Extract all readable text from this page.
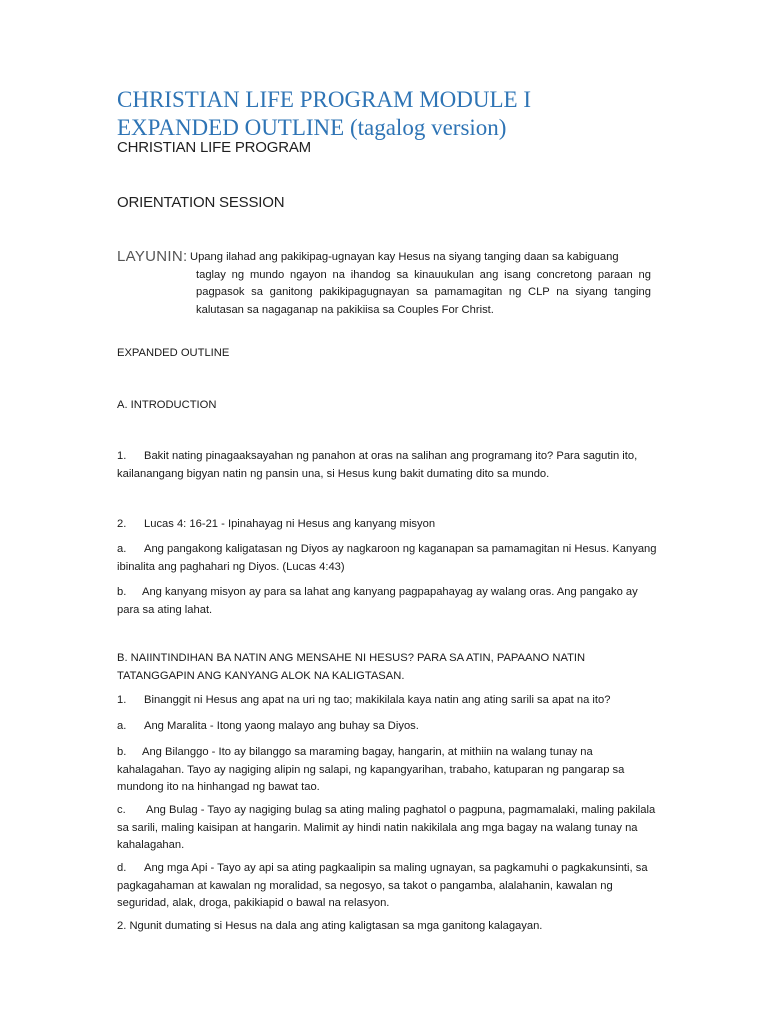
CHRISTIAN LIFE PROGRAM MODULE I
EXPANDED OUTLINE (tagalog version)
CHRISTIAN LIFE PROGRAM
ORIENTATION SESSION
LAYUNIN: Upang ilahad ang pakikipag-ugnayan kay Hesus na siyang tanging daan sa kabiguang
taglay ng mundo ngayon na ihandog sa kinauukulan ang isang concretong paraan ng pagpasok sa ganitong pakikipagugnayan sa pamamagitan ng CLP na siyang tanging kalutasan sa nagaganap na pakikiisa sa Couples For Christ.

EXPANDED OUTLINE

A. INTRODUCTION

1. Bakit nating pinagaaksayahan ng panahon at oras na salihan ang programang ito? Para sagutin ito, kailanangang bigyan natin ng pansin una, si Hesus kung bakit dumating dito sa mundo.

2. Lucas 4: 16-21 - Ipinahayag ni Hesus ang kanyang misyon

a. Ang pangakong kaligatasan ng Diyos ay nagkaroon ng kaganapan sa pamamagitan ni Hesus. Kanyang ibinalita ang paghahari ng Diyos. (Lucas 4:43)

b. Ang kanyang misyon ay para sa lahat ang kanyang pagpapahayag ay walang oras. Ang pangako ay para sa ating lahat.

B. NAIINTINDIHAN BA NATIN ANG MENSAHE NI HESUS? PARA SA ATIN, PAPAANO NATIN TATANGGAPIN ANG KANYANG ALOK NA KALIGTASAN.

1. Binanggit ni Hesus ang apat na uri ng tao; makikilala kaya natin ang ating sarili sa apat na ito?

a. Ang Maralita - Itong yaong malayo ang buhay sa Diyos.

b. Ang Bilanggo - Ito ay bilanggo sa maraming bagay, hangarin, at mithiin na walang tunay na kahalagahan. Tayo ay nagiging alipin ng salapi, ng kapangyarihan, trabaho, katuparan ng pangarap sa mundong ito na hinhangad ng bawat tao.

c. Ang Bulag - Tayo ay nagiging bulag sa ating maling paghatol o pagpuna, pagmamalaki, maling pakilala sa sarili, maling kaisipan at hangarin. Malimit ay hindi natin nakikilala ang mga bagay na walang tunay na kahalagahan.

d. Ang mga Api - Tayo ay api sa ating pagkaalipin sa maling ugnayan, sa pagkamuhi o pagkakunsinti, sa pagkagahaman at kawalan ng moralidad, sa negosyo, sa takot o pangamba, alalahanin, kawalan ng seguridad, alak, droga, pakikiapid o bawal na relasyon.

2. Ngunit dumating si Hesus na dala ang ating kaligtasan sa mga ganitong kalagayan.
